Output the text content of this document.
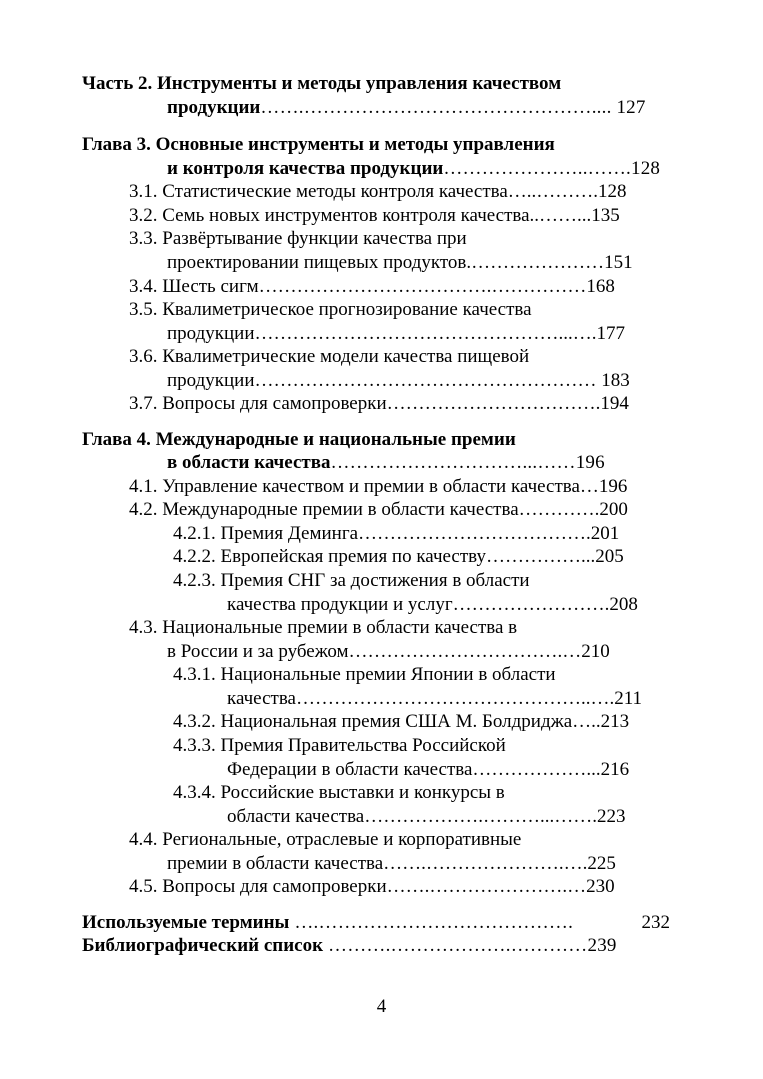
Часть 2. Инструменты и методы управления качеством
продукции…….……………………………………….... 127
Глава 3. Основные инструменты и методы управления
и контроля качества продукции…………………..…….128
3.1. Статистические методы контроля качества…..……….128
3.2. Семь новых инструментов контроля качества..……...135
3.3. Развёртывание функции качества при
проектировании пищевых продуктов.…………………151
3.4. Шесть сигм……………………………….……………168
3.5. Квалиметрическое прогнозирование качества
продукции…………………………………………...….177
3.6. Квалиметрические модели качества пищевой
продукции……………………………………………… 183
3.7. Вопросы для самопроверки…………………………….194
Глава 4. Международные и национальные премии
в области качества…………………………...……196
4.1. Управление качеством и премии в области качества…196
4.2. Международные премии в области качества………….200
4.2.1. Премия Деминга……………………………….201
4.2.2. Европейская премия по качеству……………...205
4.2.3. Премия СНГ за достижения в области
качества продукции и услуг…………………….208
4.3. Национальные премии в области качества в
в России и за рубежом…………………………….…210
4.3.1. Национальные премии Японии в области
качества………………………………………..….211
4.3.2. Национальная премия США М. Болдриджа…..213
4.3.3. Премия Правительства Российской
Федерации в области качества………………...216
4.3.4. Российские выставки и конкурсы в
области качества……………….………...…….223
4.4. Региональные, отраслевые и корпоративные
премии в области качества…….………………….….225
4.5. Вопросы для самопроверки…….………………….…230
Используемые термины ….………………………………….	232
Библиографический список ……….……………….…………239
4
